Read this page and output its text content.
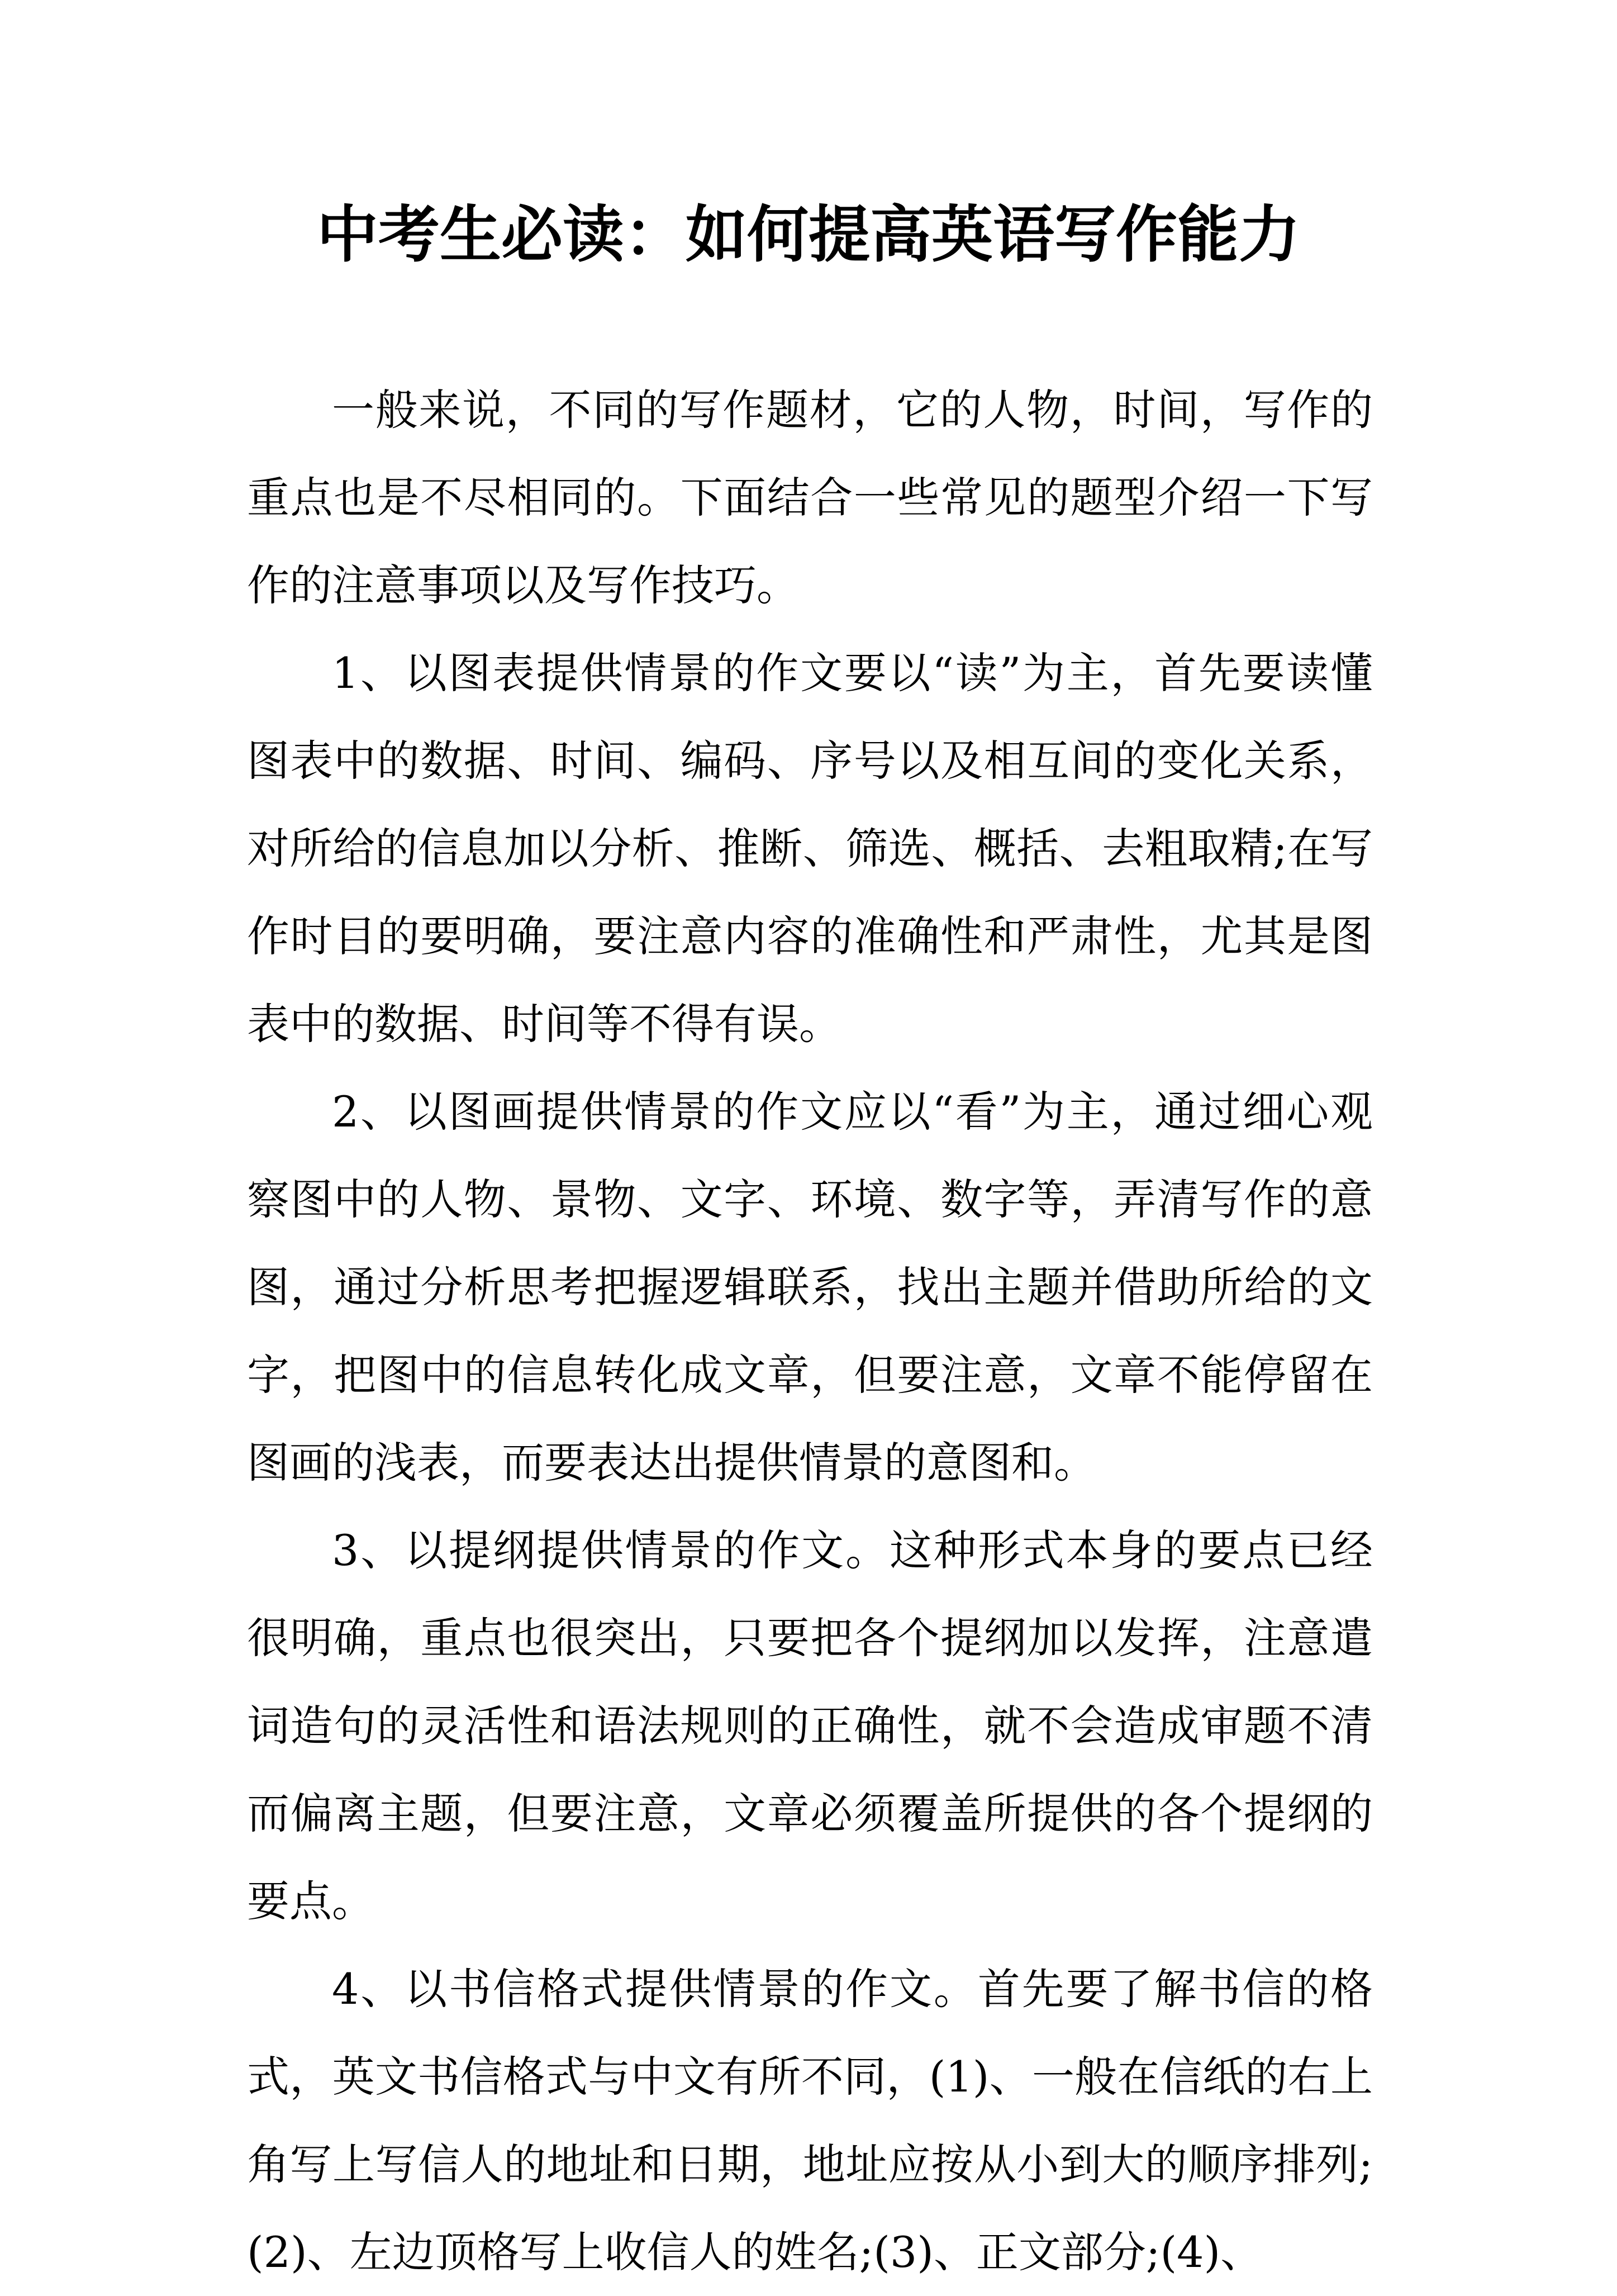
中考生必读：如何提高英语写作能力

一般来说，不同的写作题材，它的人物，时间，写作的重点也是不尽相同的。下面结合一些常见的题型介绍一下写作的注意事项以及写作技巧。

1、以图表提供情景的作文要以“读”为主，首先要读懂图表中的数据、时间、编码、序号以及相互间的变化关系，对所给的信息加以分析、推断、筛选、概括、去粗取精;在写作时目的要明确，要注意内容的准确性和严肃性，尤其是图表中的数据、时间等不得有误。

2、以图画提供情景的作文应以“看”为主，通过细心观察图中的人物、景物、文字、环境、数字等，弄清写作的意图，通过分析思考把握逻辑联系，找出主题并借助所给的文字，把图中的信息转化成文章，但要注意，文章不能停留在图画的浅表，而要表达出提供情景的意图和。

3、以提纲提供情景的作文。这种形式本身的要点已经很明确，重点也很突出，只要把各个提纲加以发挥，注意遣词造句的灵活性和语法规则的正确性，就不会造成审题不清而偏离主题，但要注意，文章必须覆盖所提供的各个提纲的要点。

4、以书信格式提供情景的作文。首先要了解书信的格式，英文书信格式与中文有所不同，(1)、一般在信纸的右上角写上写信人的地址和日期，地址应按从小到大的顺序排列;(2)、左边顶格写上收信人的姓名;(3)、正文部分;(4)、
